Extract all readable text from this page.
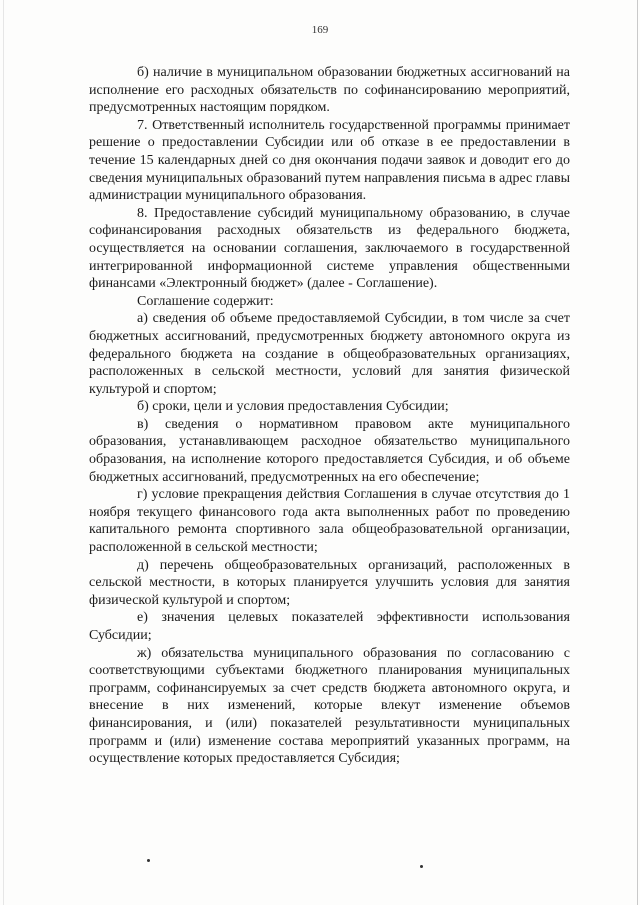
169

б) наличие в муниципальном образовании бюджетных ассигнований на исполнение его расходных обязательств по софинансированию мероприятий, предусмотренных настоящим порядком.

7. Ответственный исполнитель государственной программы принимает решение о предоставлении Субсидии или об отказе в ее предоставлении в течение 15 календарных дней со дня окончания подачи заявок и доводит его до сведения муниципальных образований путем направления письма в адрес главы администрации муниципального образования.

8. Предоставление субсидий муниципальному образованию, в случае софинансирования расходных обязательств из федерального бюджета, осуществляется на основании соглашения, заключаемого в государственной интегрированной информационной системе управления общественными финансами «Электронный бюджет» (далее - Соглашение).

Соглашение содержит:

а) сведения об объеме предоставляемой Субсидии, в том числе за счет бюджетных ассигнований, предусмотренных бюджету автономного округа из федерального бюджета на создание в общеобразовательных организациях, расположенных в сельской местности, условий для занятия физической культурой и спортом;

б) сроки, цели и условия предоставления Субсидии;

в) сведения о нормативном правовом акте муниципального образования, устанавливающем расходное обязательство муниципального образования, на исполнение которого предоставляется Субсидия, и об объеме бюджетных ассигнований, предусмотренных на его обеспечение;

г) условие прекращения действия Соглашения в случае отсутствия до 1 ноября текущего финансового года акта выполненных работ по проведению капитального ремонта спортивного зала общеобразовательной организации, расположенной в сельской местности;

д) перечень общеобразовательных организаций, расположенных в сельской местности, в которых планируется улучшить условия для занятия физической культурой и спортом;

е) значения целевых показателей эффективности использования Субсидии;

ж) обязательства муниципального образования по согласованию с соответствующими субъектами бюджетного планирования муниципальных программ, софинансируемых за счет средств бюджета автономного округа, и внесение в них изменений, которые влекут изменение объемов финансирования, и (или) показателей результативности муниципальных программ и (или) изменение состава мероприятий указанных программ, на осуществление которых предоставляется Субсидия;
